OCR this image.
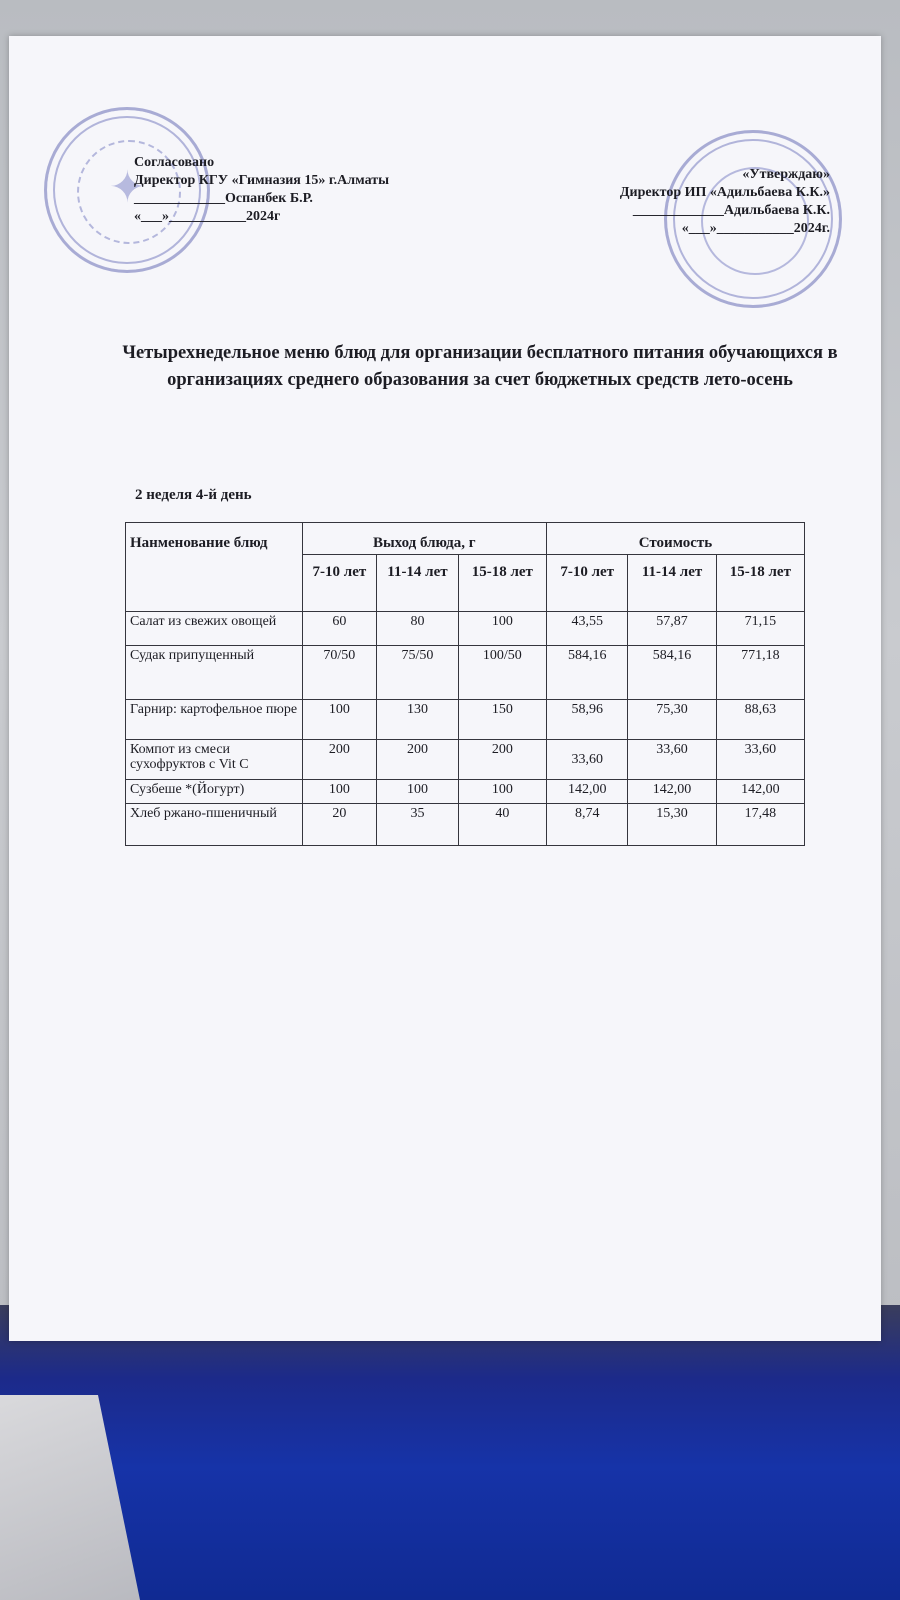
✦
Согласовано
Директор КГУ «Гимназия 15» г.Алматы
_____________Оспанбек Б.Р.
«___»___________2024г
«Утверждаю»
Директор ИП «Адильбаева К.К.»
_____________Адильбаева К.К.
«___»___________2024г.
Четырехнедельное меню блюд для организации бесплатного питания обучающихся в организациях среднего образования за счет бюджетных средств лето-осень
2 неделя 4-й день
Нанменование блюд	Выход блюда, г			Стоимость		
	7-10 лет	11-14 лет	15-18 лет	7-10 лет	11-14 лет	15-18 лет
Салат из свежих овощей	60	80	100	43,55	57,87	71,15
Судак припущенный	70/50	75/50	100/50	584,16	584,16	771,18
Гарнир: картофельное пюре	100	130	150	58,96	75,30	88,63
Компот из смеси сухофруктов с Vit C	200	200	200	33,60	33,60	33,60
Сузбеше *(Йогурт)	100	100	100	142,00	142,00	142,00
Хлеб ржано-пшеничный	20	35	40	8,74	15,30	17,48
